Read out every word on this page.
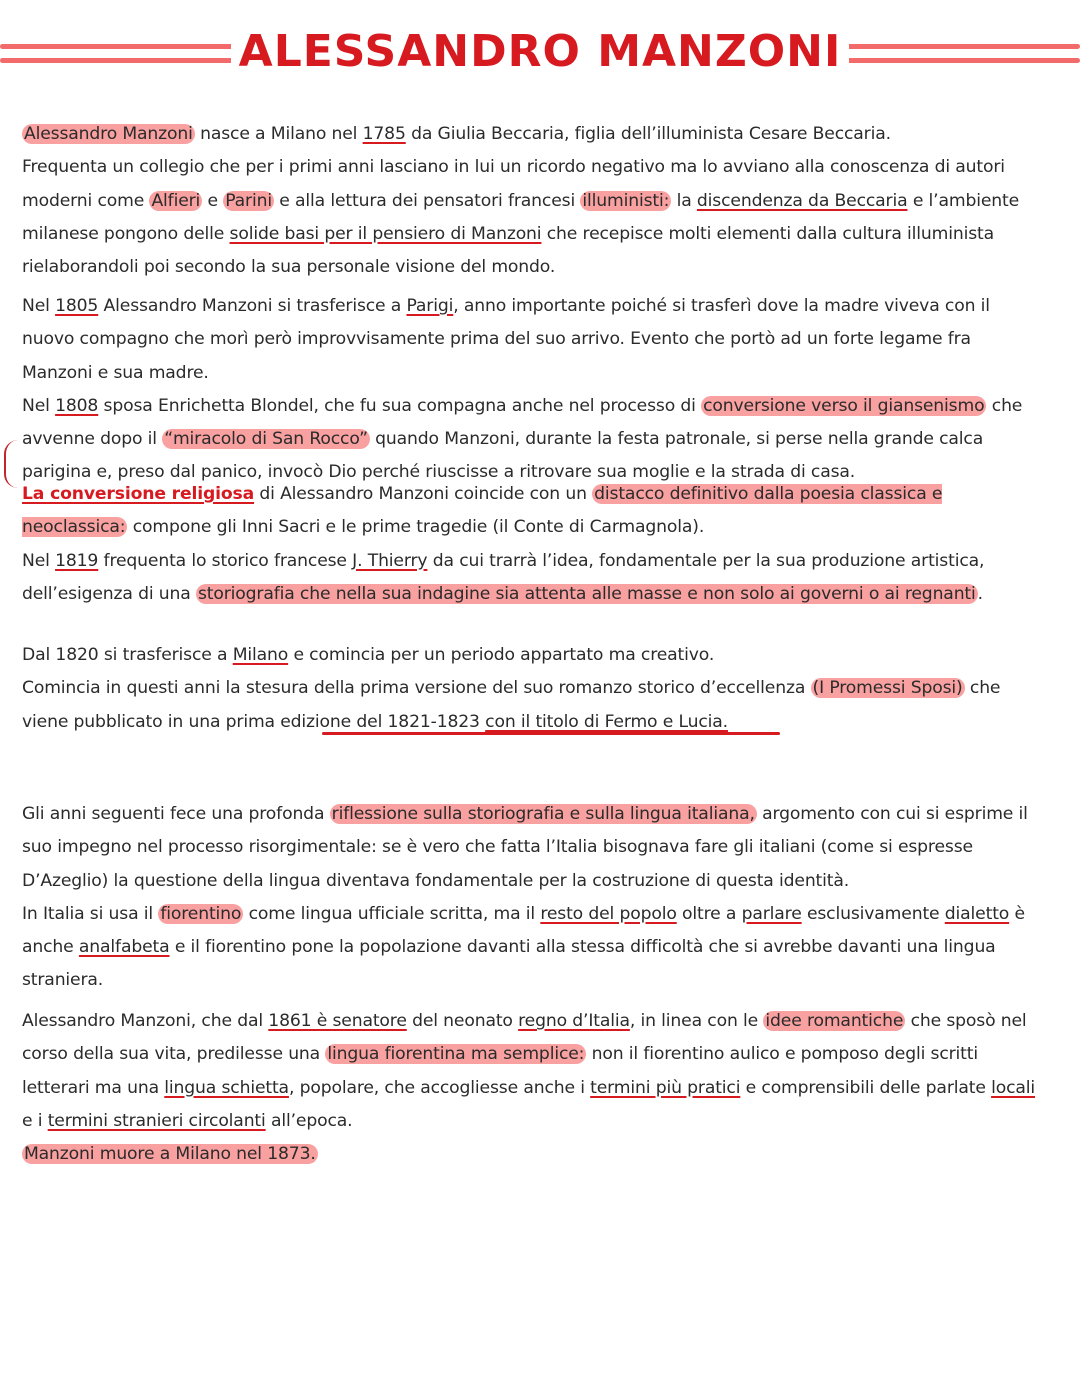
ALESSANDRO MANZONI

Alessandro Manzoni nasce a Milano nel 1785 da Giulia Beccaria, figlia dell’illuminista Cesare Beccaria.

Frequenta un collegio che per i primi anni lasciano in lui un ricordo negativo ma lo avviano alla conoscenza di autori moderni come Alfieri e Parini e alla lettura dei pensatori francesi illuministi: la discendenza da Beccaria e l’ambiente milanese pongono delle solide basi per il pensiero di Manzoni che recepisce molti elementi dalla cultura illuminista rielaborandoli poi secondo la sua personale visione del mondo.

Nel 1805 Alessandro Manzoni si trasferisce a Parigi, anno importante poiché si trasferì dove la madre viveva con il nuovo compagno che morì però improvvisamente prima del suo arrivo. Evento che portò ad un forte legame fra Manzoni e sua madre.

Nel 1808 sposa Enrichetta Blondel, che fu sua compagna anche nel processo di conversione verso il giansenismo che avvenne dopo il “miracolo di San Rocco” quando Manzoni, durante la festa patronale, si perse nella grande calca parigina e, preso dal panico, invocò Dio perché riuscisse a ritrovare sua moglie e la strada di casa.

La conversione religiosa di Alessandro Manzoni coincide con un distacco definitivo dalla poesia classica e neoclassica: compone gli Inni Sacri e le prime tragedie (il Conte di Carmagnola).

Nel 1819 frequenta lo storico francese J. Thierry da cui trarrà l’idea, fondamentale per la sua produzione artistica, dell’esigenza di una storiografia che nella sua indagine sia attenta alle masse e non solo ai governi o ai regnanti .

Dal 1820 si trasferisce a Milano e comincia per un periodo appartato ma creativo.

Comincia in questi anni la stesura della prima versione del suo romanzo storico d’eccellenza (I Promessi Sposi) che viene pubblicato in una prima edizione del 1821-1823 con il titolo di Fermo e Lucia.

Gli anni seguenti fece una profonda riflessione sulla storiografia e sulla lingua italiana, argomento con cui si esprime il suo impegno nel processo risorgimentale: se è vero che fatta l’Italia bisognava fare gli italiani (come si espresse D’Azeglio) la questione della lingua diventava fondamentale per la costruzione di questa identità.

In Italia si usa il fiorentino come lingua ufficiale scritta, ma il resto del popolo oltre a parlare esclusivamente dialetto è anche analfabeta e il fiorentino pone la popolazione davanti alla stessa difficoltà che si avrebbe davanti una lingua straniera.

Alessandro Manzoni, che dal 1861 è senatore del neonato regno d’Italia, in linea con le idee romantiche che sposò nel corso della sua vita, predilesse una lingua fiorentina ma semplice: non il fiorentino aulico e pomposo degli scritti letterari ma una lingua schietta, popolare, che accogliesse anche i termini più pratici e comprensibili delle parlate locali e i termini stranieri circolanti all’epoca.

Manzoni muore a Milano nel 1873.
